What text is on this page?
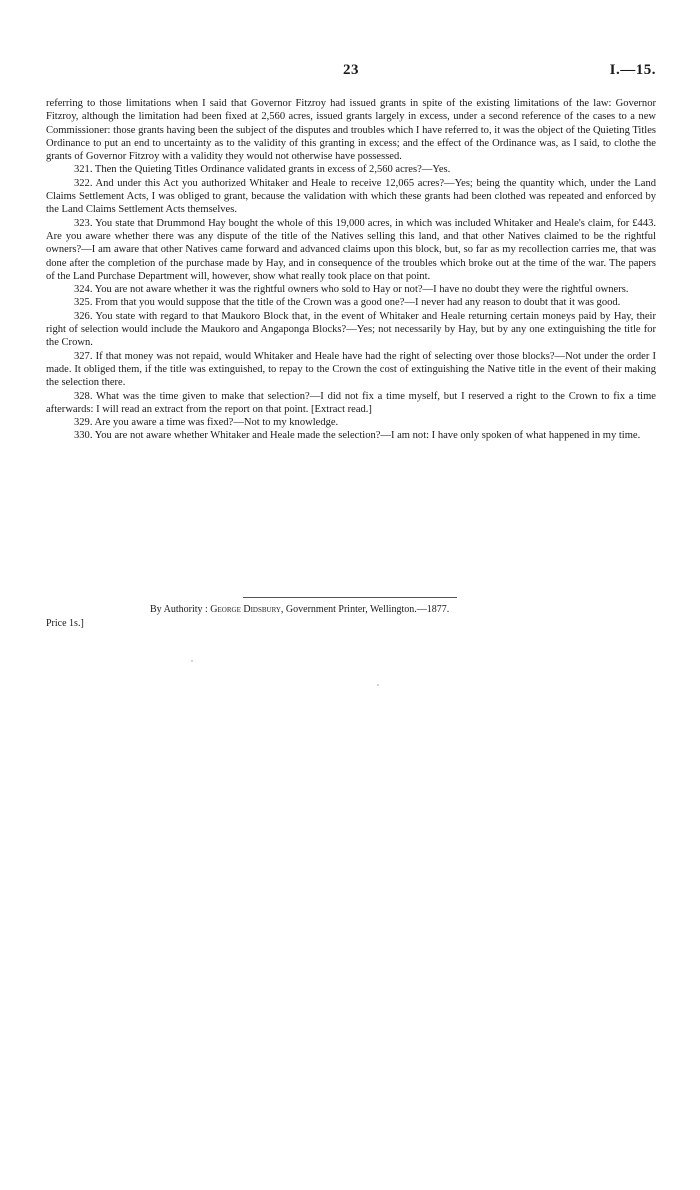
23	I.—15.

referring to those limitations when I said that Governor Fitzroy had issued grants in spite of the existing limitations of the law: Governor Fitzroy, although the limitation had been fixed at 2,560 acres, issued grants largely in excess, under a second reference of the cases to a new Commissioner: those grants having been the subject of the disputes and troubles which I have referred to, it was the object of the Quieting Titles Ordinance to put an end to uncertainty as to the validity of this granting in excess; and the effect of the Ordinance was, as I said, to clothe the grants of Governor Fitzroy with a validity they would not otherwise have possessed.

321. Then the Quieting Titles Ordinance validated grants in excess of 2,560 acres?—Yes.

322. And under this Act you authorized Whitaker and Heale to receive 12,065 acres?—Yes; being the quantity which, under the Land Claims Settlement Acts, I was obliged to grant, because the validation with which these grants had been clothed was repeated and enforced by the Land Claims Settlement Acts themselves.

323. You state that Drummond Hay bought the whole of this 19,000 acres, in which was included Whitaker and Heale's claim, for £443. Are you aware whether there was any dispute of the title of the Natives selling this land, and that other Natives claimed to be the rightful owners?—I am aware that other Natives came forward and advanced claims upon this block, but, so far as my recollection carries me, that was done after the completion of the purchase made by Hay, and in consequence of the troubles which broke out at the time of the war. The papers of the Land Purchase Department will, however, show what really took place on that point.

324. You are not aware whether it was the rightful owners who sold to Hay or not?—I have no doubt they were the rightful owners.

325. From that you would suppose that the title of the Crown was a good one?—I never had any reason to doubt that it was good.

326. You state with regard to that Maukoro Block that, in the event of Whitaker and Heale returning certain moneys paid by Hay, their right of selection would include the Maukoro and Angaponga Blocks?—Yes; not necessarily by Hay, but by any one extinguishing the title for the Crown.

327. If that money was not repaid, would Whitaker and Heale have had the right of selecting over those blocks?—Not under the order I made. It obliged them, if the title was extinguished, to repay to the Crown the cost of extinguishing the Native title in the event of their making the selection there.

328. What was the time given to make that selection?—I did not fix a time myself, but I reserved a right to the Crown to fix a time afterwards: I will read an extract from the report on that point. [Extract read.]

329. Are you aware a time was fixed?—Not to my knowledge.

330. You are not aware whether Whitaker and Heale made the selection?—I am not: I have only spoken of what happened in my time.

By Authority : George Didsbury, Government Printer, Wellington.—1877.
Price 1s.]
